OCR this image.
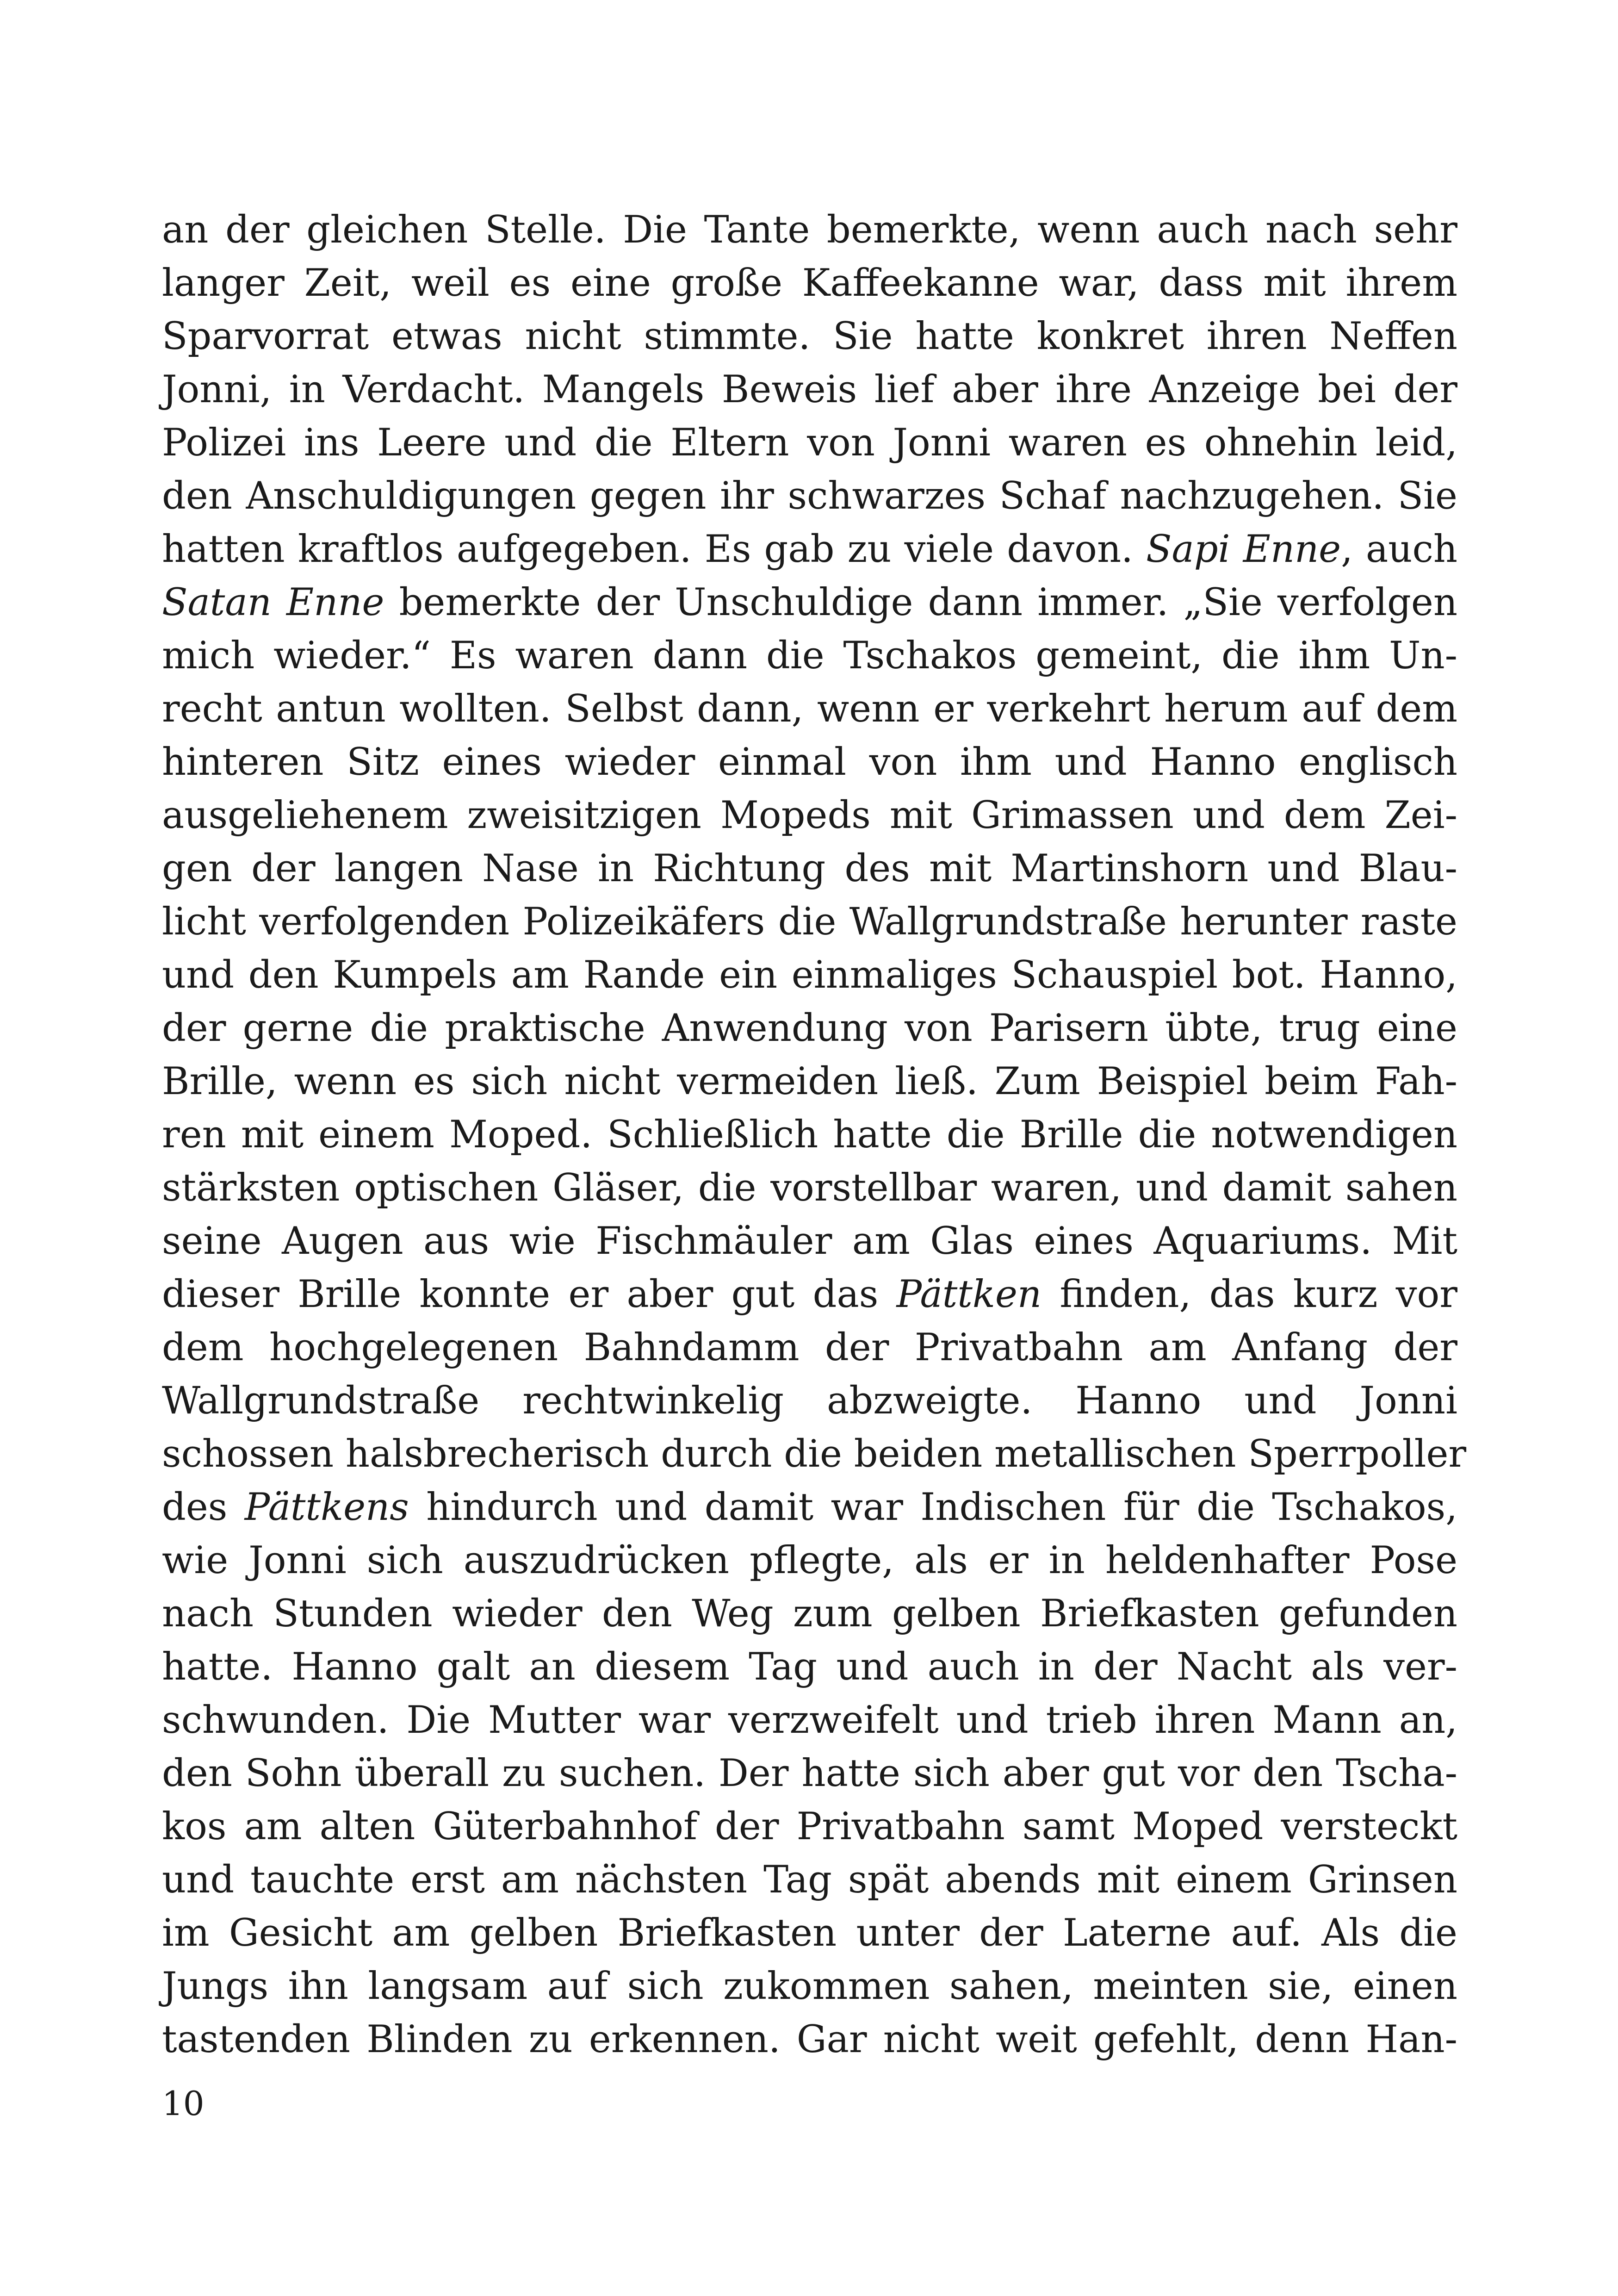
an der gleichen Stelle. Die Tante bemerkte, wenn auch nach sehr
langer Zeit, weil es eine große Kaffeekanne war, dass mit ihrem
Sparvorrat etwas nicht stimmte. Sie hatte konkret ihren Neffen
Jonni, in Verdacht. Mangels Beweis lief aber ihre Anzeige bei der
Polizei ins Leere und die Eltern von Jonni waren es ohnehin leid,
den Anschuldigungen gegen ihr schwarzes Schaf nachzugehen. Sie
hatten kraftlos aufgegeben. Es gab zu viele davon. Sapi Enne, auch
Satan Enne bemerkte der Unschuldige dann immer. „Sie verfolgen
mich wieder.“ Es waren dann die Tschakos gemeint, die ihm Un-
recht antun wollten. Selbst dann, wenn er verkehrt herum auf dem
hinteren Sitz eines wieder einmal von ihm und Hanno englisch
ausgeliehenem zweisitzigen Mopeds mit Grimassen und dem Zei-
gen der langen Nase in Richtung des mit Martinshorn und Blau-
licht verfolgenden Polizeikäfers die Wallgrundstraße herunter raste
und den Kumpels am Rande ein einmaliges Schauspiel bot. Hanno,
der gerne die praktische Anwendung von Parisern übte, trug eine
Brille, wenn es sich nicht vermeiden ließ. Zum Beispiel beim Fah-
ren mit einem Moped. Schließlich hatte die Brille die notwendigen
stärksten optischen Gläser, die vorstellbar waren, und damit sahen
seine Augen aus wie Fischmäuler am Glas eines Aquariums. Mit
dieser Brille konnte er aber gut das Pättken finden, das kurz vor
dem hochgelegenen Bahndamm der Privatbahn am Anfang der
Wallgrundstraße rechtwinkelig abzweigte. Hanno und Jonni
schossen halsbrecherisch durch die beiden metallischen Sperrpoller
des Pättkens hindurch und damit war Indischen für die Tschakos,
wie Jonni sich auszudrücken pflegte, als er in heldenhafter Pose
nach Stunden wieder den Weg zum gelben Briefkasten gefunden
hatte. Hanno galt an diesem Tag und auch in der Nacht als ver-
schwunden. Die Mutter war verzweifelt und trieb ihren Mann an,
den Sohn überall zu suchen. Der hatte sich aber gut vor den Tscha-
kos am alten Güterbahnhof der Privatbahn samt Moped versteckt
und tauchte erst am nächsten Tag spät abends mit einem Grinsen
im Gesicht am gelben Briefkasten unter der Laterne auf. Als die
Jungs ihn langsam auf sich zukommen sahen, meinten sie, einen
tastenden Blinden zu erkennen. Gar nicht weit gefehlt, denn Han-
10
